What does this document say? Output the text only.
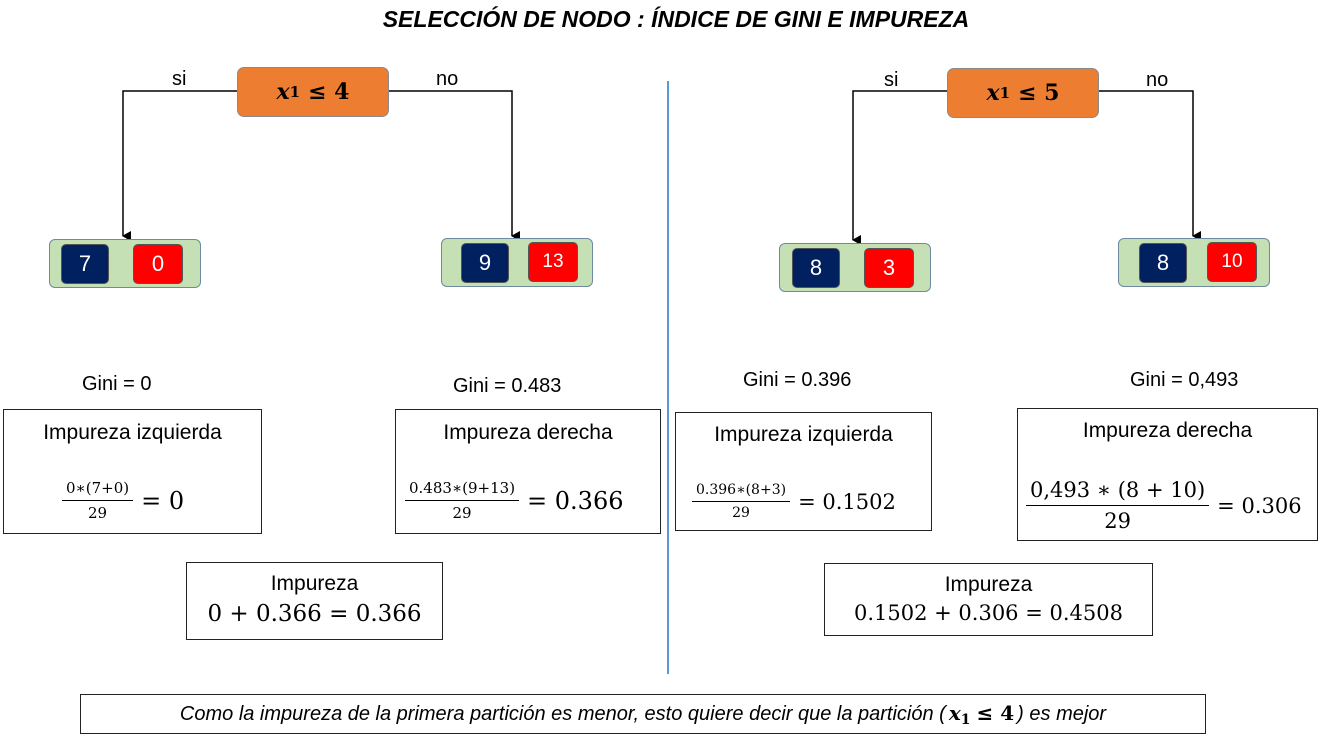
SELECCIÓN DE NODO : ÍNDICE DE GINI E IMPUREZA
si	no
x 1 ≤ 4
7	0	9	13
Gini = 0	Gini = 0.483
Impureza izquierda
$\frac{0∗(7+0)}{29} = 0$
Impureza derecha
$\frac{0.483∗(9+13)}{29} = 0.366$
Impureza
0 + 0.366 = 0.366
si	no
x 1 ≤ 5
8	3	8	10
Gini = 0.396	Gini = 0,493
Impureza izquierda
$\frac{0.396∗(8+3)}{29} = 0.1502$
Impureza derecha
$\frac{0,493 ∗ (8 + 10)}{29} = 0.306$
Impureza
0.1502 + 0.306 = 0.4508
Como la impureza de la primera partición es menor, esto quiere decir que la partición ( $x_1 \le 4$ ) es mejor
